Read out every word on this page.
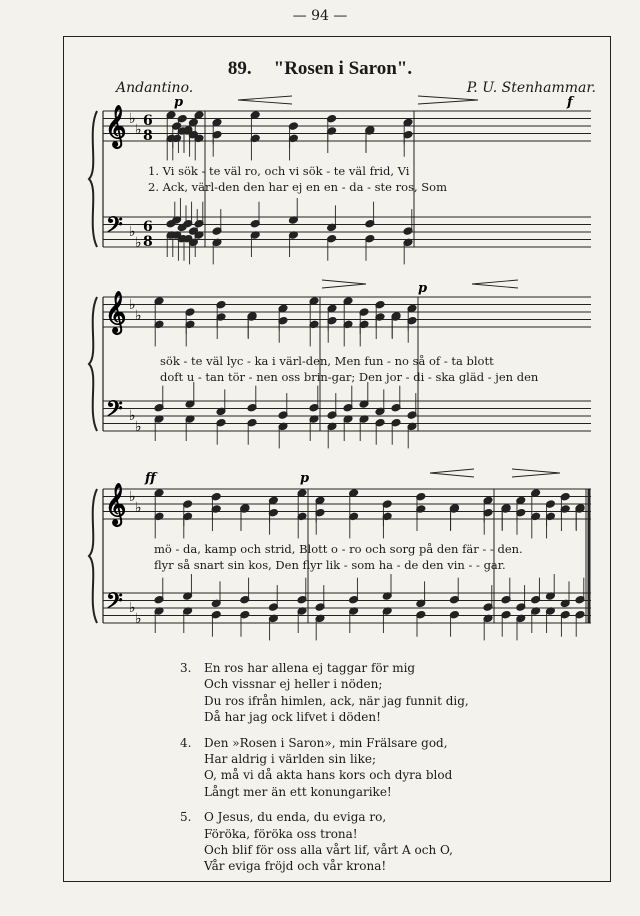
— 94 —
89. "Rosen i Saron".
Andantino.	P. U. Stenhammar.
𝄞
𝄢
♭
♭
♭
♭
6
8
6
8
𝄞
𝄢
♭
♭
♭
♭
𝄞
𝄢
♭
♭
♭
♭
p	f
p
ff	p
1. Vi sök - te väl ro, och vi sök - te väl frid, Vi
2. Ack, värl-den den har ej en en - da - ste ros, Som
sök - te väl lyc - ka i värl-den, Men fun - no så of - ta blott
doft u - tan tör - nen oss brin-gar; Den jor - di - ska gläd - jen den
mö - da, kamp och strid, Blott o - ro och sorg på den fär - - den.
flyr så snart sin kos, Den flyr lik - som ha - de den vin - - gar.
3.	En ros har allena ej taggar för mig
Och vissnar ej heller i nöden;
Du ros ifrån himlen, ack, när jag funnit dig,
Då har jag ock lifvet i döden!
4.	Den »Rosen i Saron», min Frälsare god,
Har aldrig i världen sin like;
O, må vi då akta hans kors och dyra blod
Långt mer än ett konungarike!
5.	O Jesus, du enda, du eviga ro,
Föröka, föröka oss trona!
Och blif för oss alla vårt lif, vårt A och O,
Vår eviga fröjd och vår krona!
